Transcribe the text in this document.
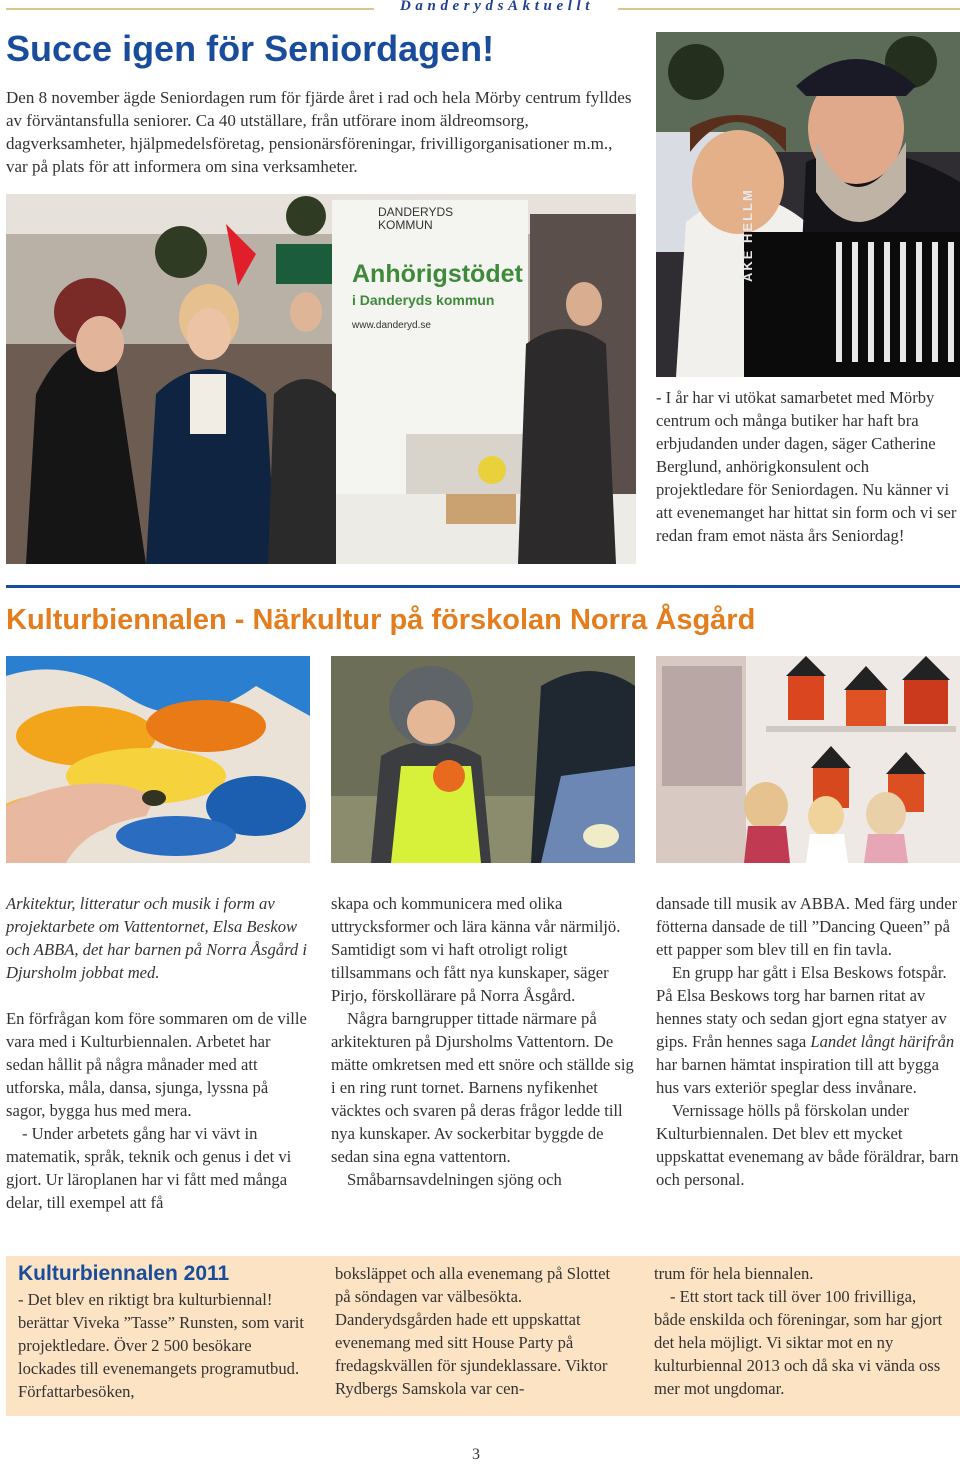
DanderydsAktuellt
Succe igen för Seniordagen!
Den 8 november ägde Seniordagen rum för fjärde året i rad och hela Mörby centrum fylldes av förväntansfulla seniorer. Ca 40 utställare, från utförare inom äldreomsorg, dagverksamheter, hjälpmedelsföretag, pensionärsföreningar, frivilligorganisationer m.m., var på plats för att informera om sina verksamheter.
DANDERYDS
KOMMUN
Anhörigstödet
i Danderyds kommun
www.danderyd.se
ÅKE HELLM
- I år har vi utökat samarbetet med Mörby centrum och många butiker har haft bra erbjudanden under dagen, säger Catherine Berglund, anhörigkonsulent och projektledare för Seniordagen. Nu känner vi att evenemanget har hittat sin form och vi ser redan fram emot nästa års Seniordag!
Kulturbiennalen - Närkultur på förskolan Norra Åsgård

Arkitektur, litteratur och musik i form av projektarbete om Vattentornet, Elsa Beskow och ABBA, det har barnen på Norra Åsgård i Djursholm jobbat med.

En förfrågan kom före sommaren om de ville vara med i Kulturbiennalen. Arbetet har sedan hållit på några månader med att utforska, måla, dansa, sjunga, lyssna på sagor, bygga hus med mera.

- Under arbetets gång har vi vävt in matematik, språk, teknik och genus i det vi gjort. Ur läroplanen har vi fått med många delar, till exempel att få

skapa och kommunicera med olika uttrycksformer och lära känna vår närmiljö. Samtidigt som vi haft otroligt roligt tillsammans och fått nya kunskaper, säger Pirjo, förskollärare på Norra Åsgård.

Några barngrupper tittade närmare på arkitekturen på Djursholms Vattentorn. De mätte omkretsen med ett snöre och ställde sig i en ring runt tornet. Barnens nyfikenhet väcktes och svaren på deras frågor ledde till nya kunskaper. Av sockerbitar byggde de sedan sina egna vattentorn.

Småbarnsavdelningen sjöng och

dansade till musik av ABBA. Med färg under fötterna dansade de till ”Dancing Queen” på ett papper som blev till en fin tavla.

En grupp har gått i Elsa Beskows fotspår. På Elsa Beskows torg har barnen ritat av hennes staty och sedan gjort egna statyer av gips. Från hennes saga Landet långt härifrån har barnen hämtat inspiration till att bygga hus vars exteriör speglar dess invånare.

Vernissage hölls på förskolan under Kulturbiennalen. Det blev ett mycket uppskattat evenemang av både föräldrar, barn och personal.

Kulturbiennalen 2011
- Det blev en riktigt bra kulturbiennal! berättar Viveka ”Tasse” Runsten, som varit projektledare. Över 2 500 besökare lockades till evenemangets programutbud. Författarbesöken,
boksläppet och alla evenemang på Slottet på söndagen var välbesökta. Danderydsgården hade ett uppskattat evenemang med sitt House Party på fredagskvällen för sjundeklassare. Viktor Rydbergs Samskola var cen-
trum för hela biennalen.
- Ett stort tack till över 100 frivilliga, både enskilda och föreningar, som har gjort det hela möjligt. Vi siktar mot en ny kulturbiennal 2013 och då ska vi vända oss mer mot ungdomar.
3
